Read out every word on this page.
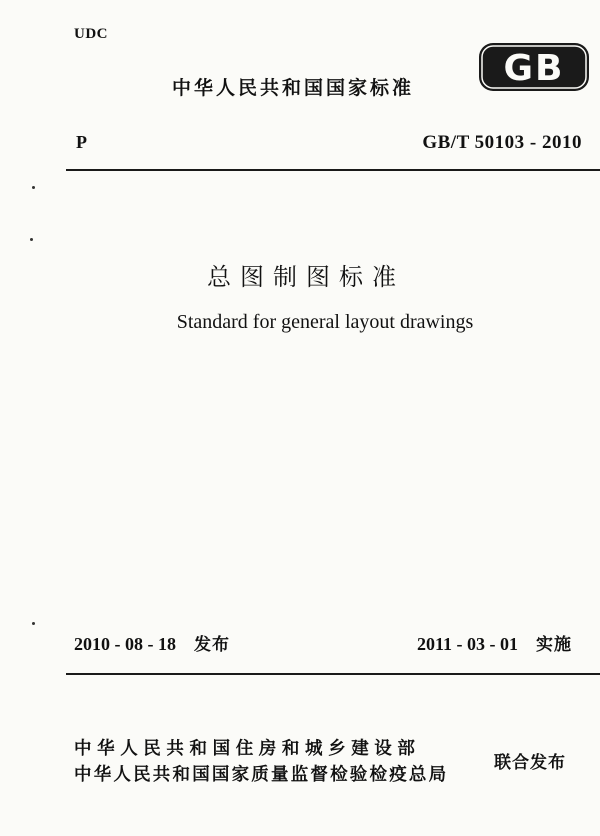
UDC
中华人民共和国国家标准 GB
P	GB/T 50103 - 2010
总图制图标准
Standard for general layout drawings
2010 - 08 - 18 发布	2011 - 03 - 01 实施
中华人民共和国住房和城乡建设部
中华人民共和国国家质量监督检验检疫总局
联合发布
